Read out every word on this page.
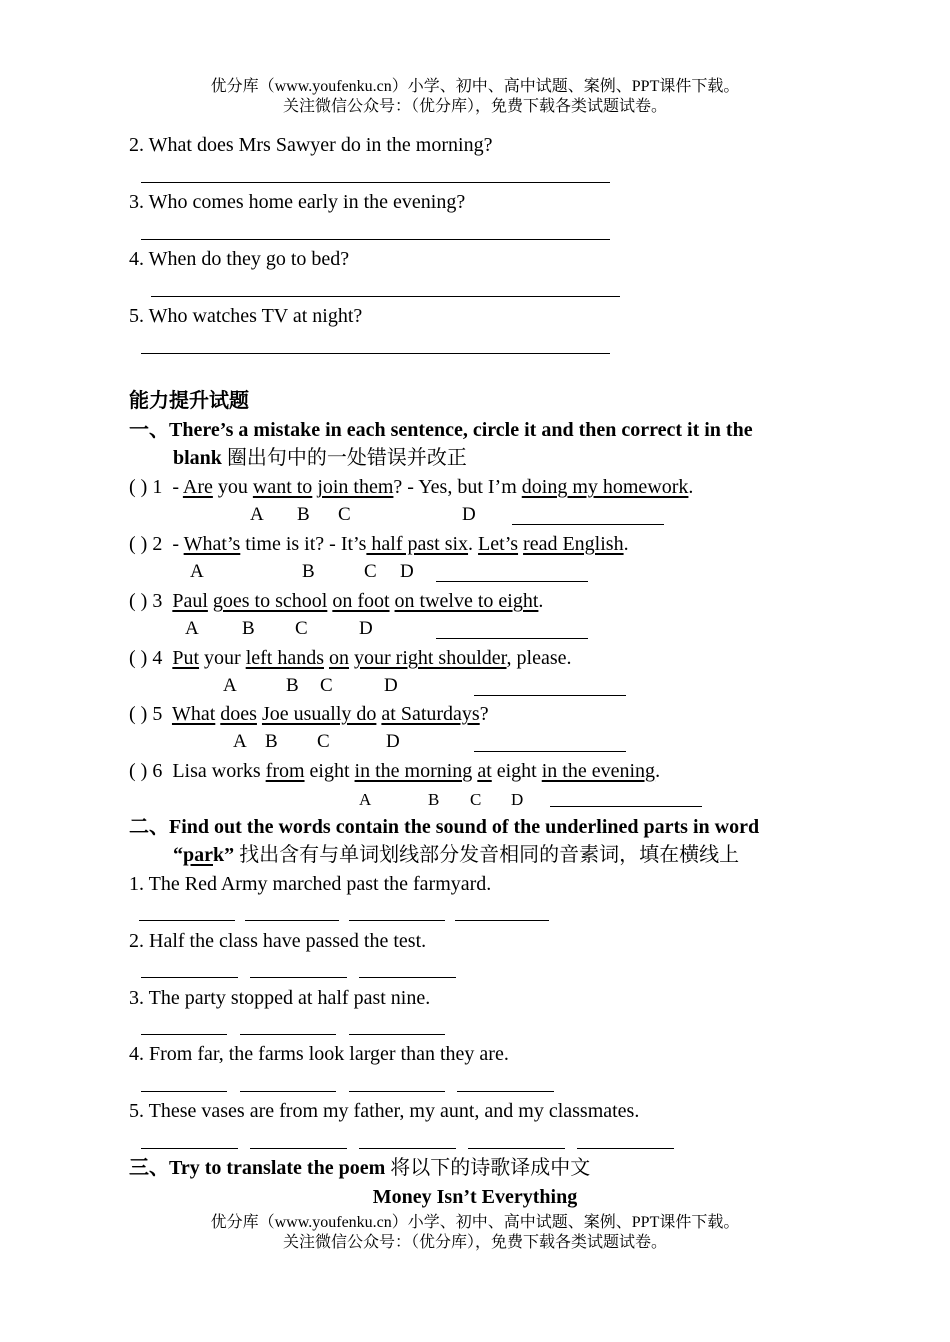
优分库（www.youfenku.cn）小学、初中、高中试题、案例、PPT课件下载。
关注微信公众号：（优分库），免费下载各类试题试卷。
2. What does Mrs Sawyer do in the morning?
3. Who comes home early in the evening?
4. When do they go to bed?
5. Who watches TV at night?
能力提升试题
一、There’s a mistake in each sentence, circle it and then correct it in the
blank 圈出句中的一处错误并改正
( ) 1 - Are you want to join them? - Yes, but I’m doing my homework.
A B C	D
( ) 2 - What’s time is it? - It’s half past six. Let’s read English.
A	B	C D
( ) 3 Paul goes to school on foot on twelve to eight.
A B C	D
( ) 4 Put your left hands on your right shoulder, please.
A	B C	D
( ) 5 What does Joe usually do at Saturdays?
A B C	D
( ) 6 Lisa works from eight in the morning at eight in the evening.
A	B C D
二、Find out the words contain the sound of the underlined parts in word
“park” 找出含有与单词划线部分发音相同的音素词，填在横线上
1. The Red Army marched past the farmyard.
2. Half the class have passed the test.
3. The party stopped at half past nine.
4. From far, the farms look larger than they are.
5. These vases are from my father, my aunt, and my classmates.
三、Try to translate the poem 将以下的诗歌译成中文
Money Isn’t Everything
优分库（www.youfenku.cn）小学、初中、高中试题、案例、PPT课件下载。
关注微信公众号：（优分库），免费下载各类试题试卷。
